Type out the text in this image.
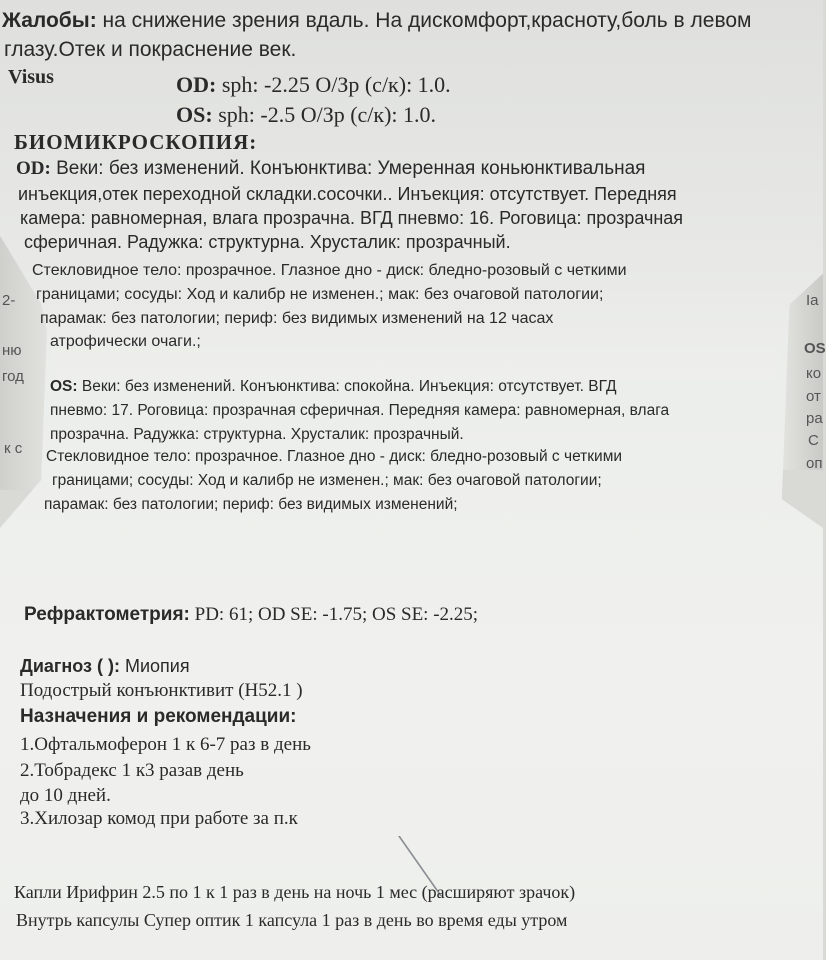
2-
ню
год
к с
Ia
OS
ко
от
ра
С
оп
Жалобы: на снижение зрения вдаль. На дискомфорт,красноту,боль в левом
глазу.Отек и покраснение век.
Visus	OD: sph: -2.25 O/Зр (с/к): 1.0.
OS: sph: -2.5 O/Зр (с/к): 1.0.
БИОМИКРОСКОПИЯ:
OD: Веки: без изменений. Конъюнктива: Умеренная коньюнктивальная
инъекция,отек переходной складки.сосочки.. Инъекция: отсутствует. Передняя
камера: равномерная, влага прозрачна. ВГД пневмо: 16. Роговица: прозрачная
сферичная. Радужка: структурна. Хрусталик: прозрачный.
Стекловидное тело: прозрачное. Глазное дно - диск: бледно-розовый с четкими
границами; сосуды: Ход и калибр не изменен.; мак: без очаговой патологии;
парамак: без патологии; периф: без видимых изменений на 12 часах
атрофически очаги.;
OS: Веки: без изменений. Конъюнктива: спокойна. Инъекция: отсутствует. ВГД
пневмо: 17. Роговица: прозрачная сферичная. Передняя камера: равномерная, влага
прозрачна. Радужка: структурна. Хрусталик: прозрачный.
Стекловидное тело: прозрачное. Глазное дно - диск: бледно-розовый с четкими
границами; сосуды: Ход и калибр не изменен.; мак: без очаговой патологии;
парамак: без патологии; периф: без видимых изменений;
Рефрактометрия: PD: 61; OD SE: -1.75; OS SE: -2.25;
Диагноз ( ): Миопия
Подострый конъюнктивит (H52.1 )
Назначения и рекомендации:
1.Офтальмоферон 1 к 6-7 раз в день
2.Тобрадекс 1 к3 разав день
до 10 дней.
3.Хилозар комод при работе за п.к
Капли Ирифрин 2.5 по 1 к 1 раз в день на ночь 1 мес (расширяют зрачок)
Внутрь капсулы Супер оптик 1 капсула 1 раз в день во время еды утром
